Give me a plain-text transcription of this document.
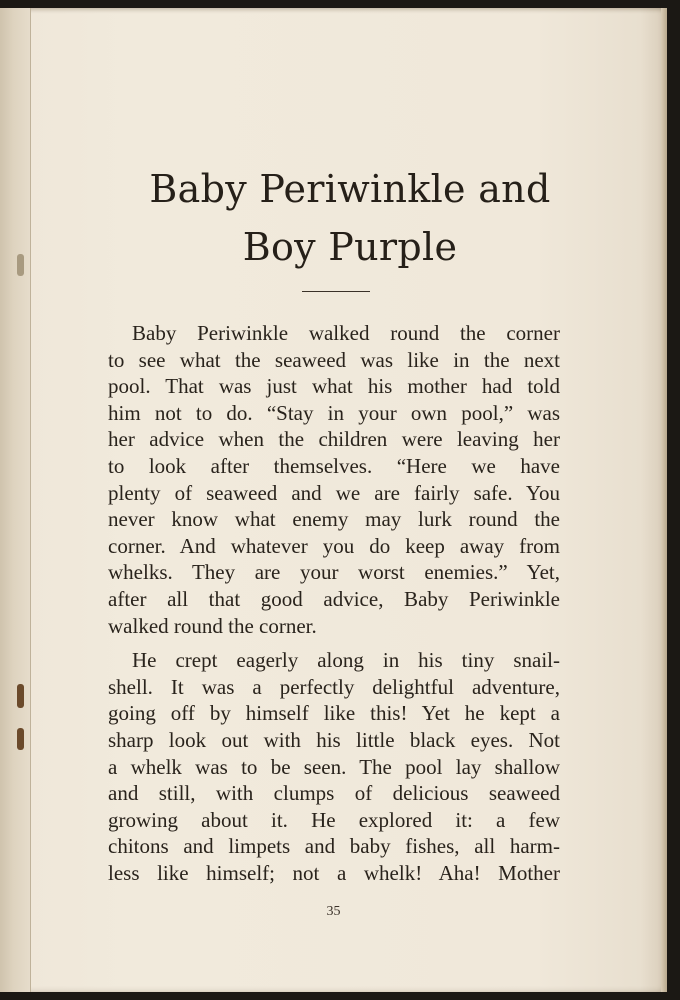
Baby Periwinkle and
Boy Purple

Baby Periwinkle walked round the corner
to see what the seaweed was like in the next
pool. That was just what his mother had told
him not to do. “Stay in your own pool,” was
her advice when the children were leaving her
to look after themselves. “Here we have
plenty of seaweed and we are fairly safe. You
never know what enemy may lurk round the
corner. And whatever you do keep away from
whelks. They are your worst enemies.” Yet,
after all that good advice, Baby Periwinkle
walked round the corner.

He crept eagerly along in his tiny snail-
shell. It was a perfectly delightful adventure,
going off by himself like this! Yet he kept a
sharp look out with his little black eyes. Not
a whelk was to be seen. The pool lay shallow
and still, with clumps of delicious seaweed
growing about it. He explored it: a few
chitons and limpets and baby fishes, all harm-
less like himself; not a whelk! Aha! Mother

35
